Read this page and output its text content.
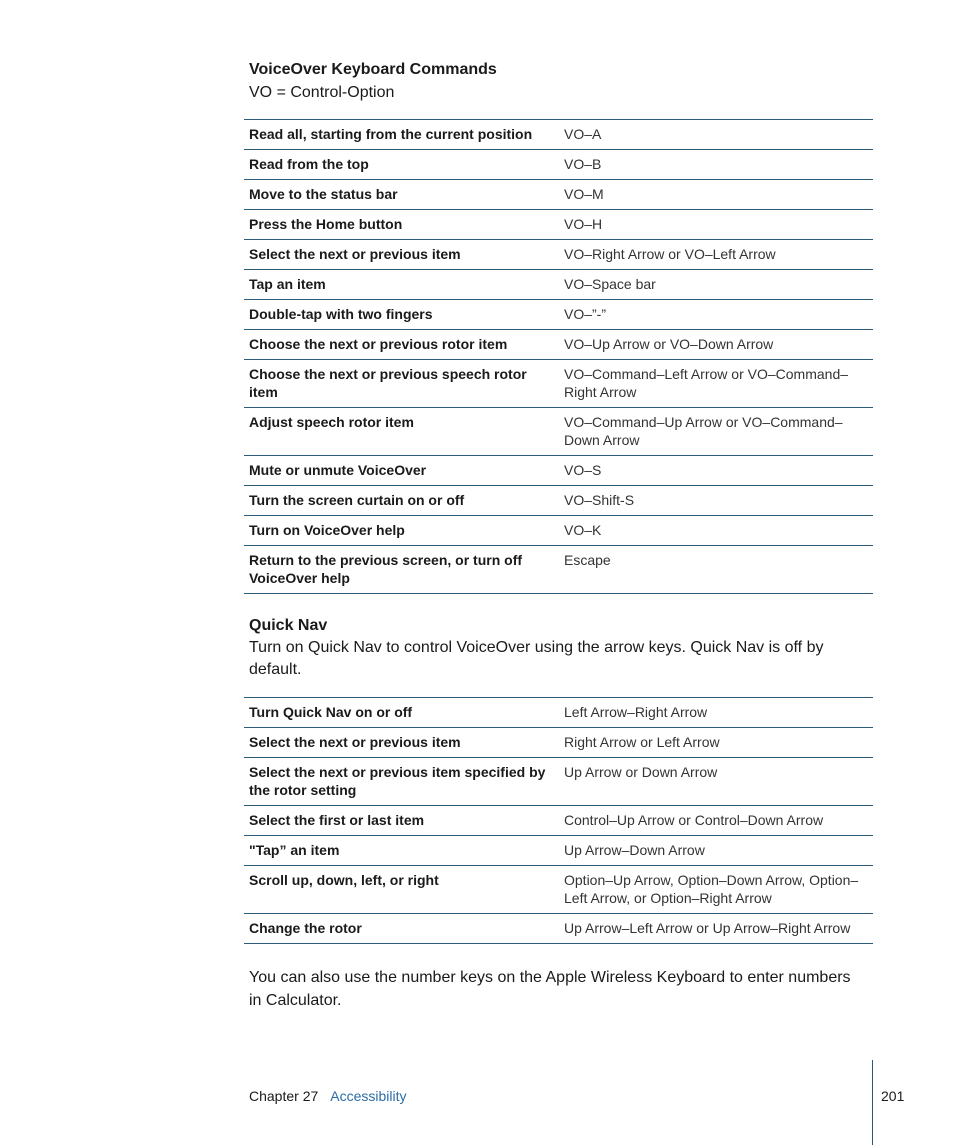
VoiceOver Keyboard Commands

VO = Control-Option

Read all, starting from the current position	VO–A
Read from the top	VO–B
Move to the status bar	VO–M
Press the Home button	VO–H
Select the next or previous item	VO–Right Arrow or VO–Left Arrow
Tap an item	VO–Space bar
Double-tap with two fingers	VO–”-”
Choose the next or previous rotor item	VO–Up Arrow or VO–Down Arrow
Choose the next or previous speech rotor item	VO–Command–Left Arrow or VO–Command–Right Arrow
Adjust speech rotor item	VO–Command–Up Arrow or VO–Command–Down Arrow
Mute or unmute VoiceOver	VO–S
Turn the screen curtain on or off	VO–Shift-S
Turn on VoiceOver help	VO–K
Return to the previous screen, or turn off VoiceOver help	Escape
Quick Nav

Turn on Quick Nav to control VoiceOver using the arrow keys. Quick Nav is off by default.

Turn Quick Nav on or off	Left Arrow–Right Arrow
Select the next or previous item	Right Arrow or Left Arrow
Select the next or previous item specified by the rotor setting	Up Arrow or Down Arrow
Select the first or last item	Control–Up Arrow or Control–Down Arrow
"Tap” an item	Up Arrow–Down Arrow
Scroll up, down, left, or right	Option–Up Arrow, Option–Down Arrow, Option–Left Arrow, or Option–Right Arrow
Change the rotor	Up Arrow–Left Arrow or Up Arrow–Right Arrow

You can also use the number keys on the Apple Wireless Keyboard to enter numbers in Calculator.

Chapter 27 Accessibility	201
